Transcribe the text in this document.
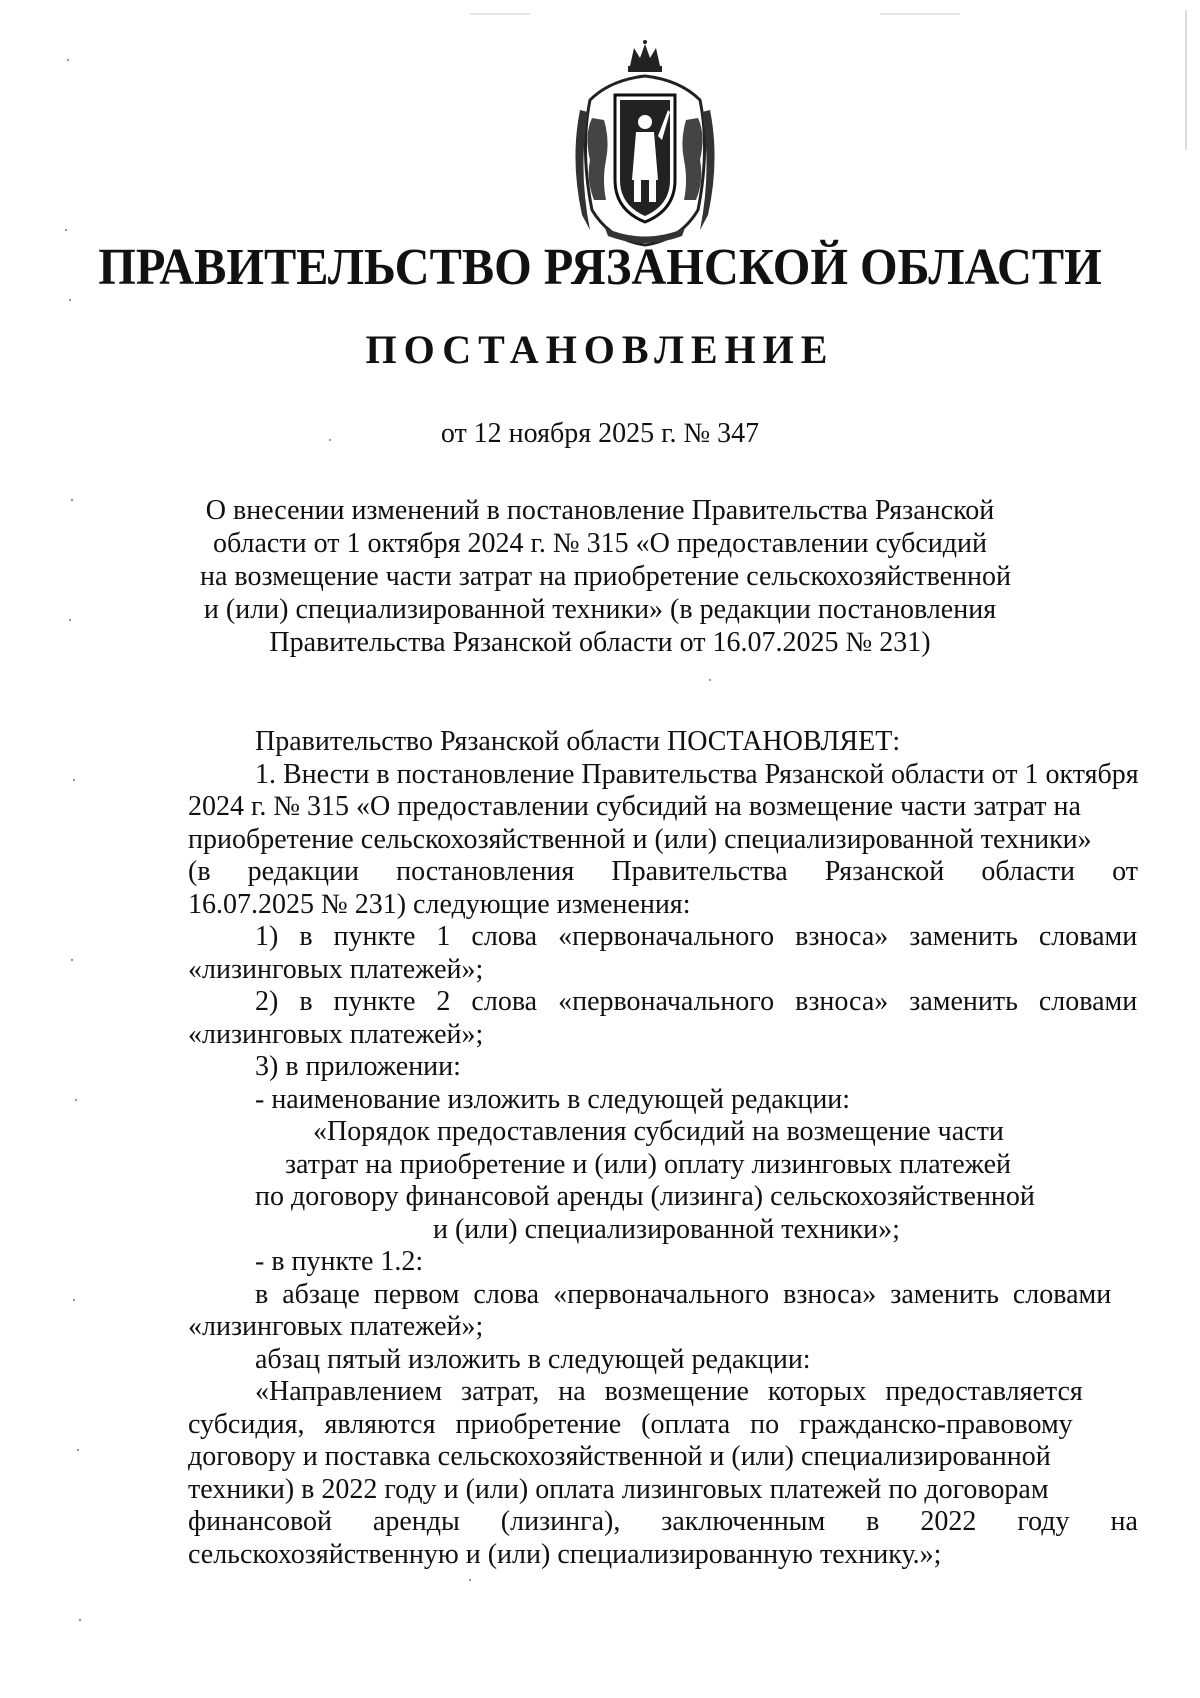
ПРАВИТЕЛЬСТВО РЯЗАНСКОЙ ОБЛАСТИ
ПОСТАНОВЛЕНИЕ
от 12 ноября 2025 г. № 347
О внесении изменений в постановление Правительства Рязанской
области от 1 октября 2024 г. № 315 «О предоставлении субсидий
на возмещение части затрат на приобретение сельскохозяйственной
и (или) специализированной техники» (в редакции постановления
Правительства Рязанской области от 16.07.2025 № 231)
Правительство Рязанской области ПОСТАНОВЛЯЕТ:
1. Внести в постановление Правительства Рязанской области от 1 октября
2024 г. № 315 «О предоставлении субсидий на возмещение части затрат на
приобретение сельскохозяйственной и (или) специализированной техники»
(в редакции постановления Правительства Рязанской области от
16.07.2025 № 231) следующие изменения:
1) в пункте 1 слова «первоначального взноса» заменить словами
«лизинговых платежей»;
2) в пункте 2 слова «первоначального взноса» заменить словами
«лизинговых платежей»;
3) в приложении:
- наименование изложить в следующей редакции:
«Порядок предоставления субсидий на возмещение части
затрат на приобретение и (или) оплату лизинговых платежей
по договору финансовой аренды (лизинга) сельскохозяйственной
и (или) специализированной техники»;
- в пункте 1.2:
в абзаце первом слова «первоначального взноса» заменить словами
«лизинговых платежей»;
абзац пятый изложить в следующей редакции:
«Направлением затрат, на возмещение которых предоставляется
субсидия, являются приобретение (оплата по гражданско-правовому
договору и поставка сельскохозяйственной и (или) специализированной
техники) в 2022 году и (или) оплата лизинговых платежей по договорам
финансовой аренды (лизинга), заключенным в 2022 году на
сельскохозяйственную и (или) специализированную технику.»;
